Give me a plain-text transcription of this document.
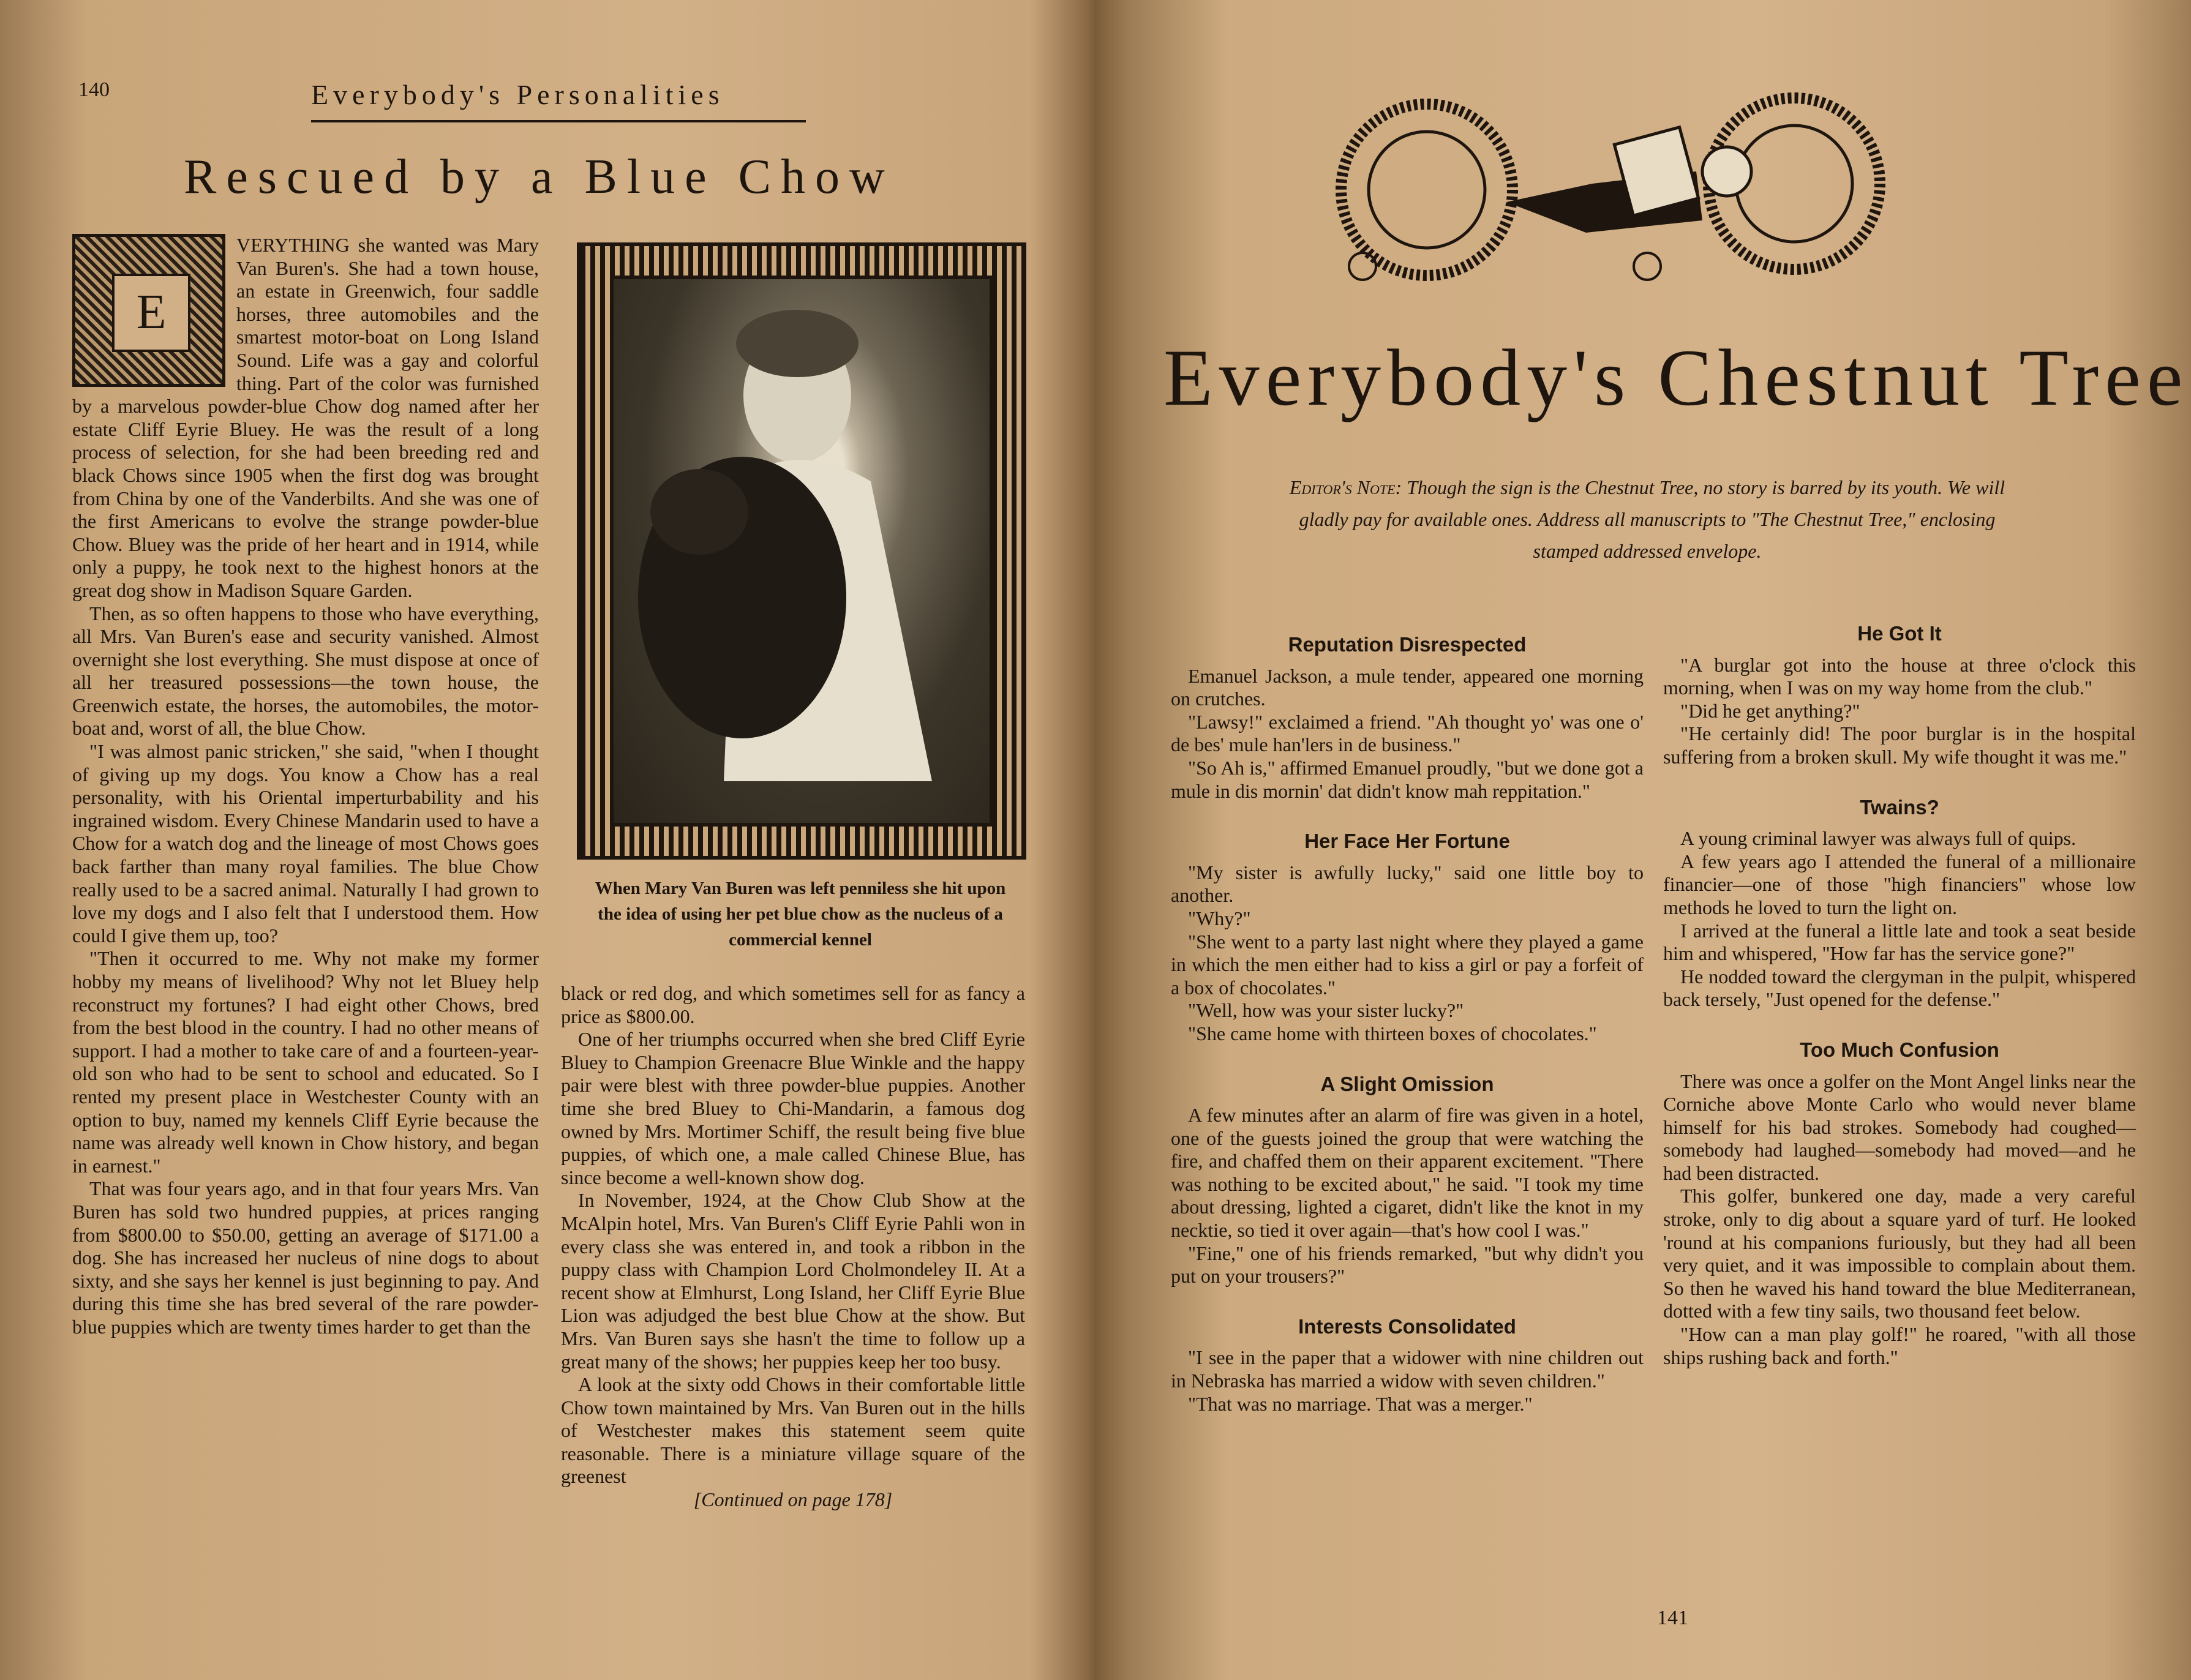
140	Everybody's Personalities
Rescued by a Blue Chow
E

VERYTHING she wanted was Mary Van Buren's. She had a town house, an estate in Greenwich, four saddle horses, three automobiles and the smartest motor-boat on Long Island Sound. Life was a gay and colorful thing. Part of the color was furnished by a marvelous powder-blue Chow dog named after her estate Cliff Eyrie Bluey. He was the result of a long process of selection, for she had been breeding red and black Chows since 1905 when the first dog was brought from China by one of the Vanderbilts. And she was one of the first Americans to evolve the strange powder-blue Chow. Bluey was the pride of her heart and in 1914, while only a puppy, he took next to the highest honors at the great dog show in Madison Square Garden.

Then, as so often happens to those who have everything, all Mrs. Van Buren's ease and security vanished. Almost overnight she lost everything. She must dispose at once of all her treasured possessions—the town house, the Greenwich estate, the horses, the automobiles, the motor-boat and, worst of all, the blue Chow.

"I was almost panic stricken," she said, "when I thought of giving up my dogs. You know a Chow has a real personality, with his Oriental imperturbability and his ingrained wisdom. Every Chinese Mandarin used to have a Chow for a watch dog and the lineage of most Chows goes back farther than many royal families. The blue Chow really used to be a sacred animal. Naturally I had grown to love my dogs and I also felt that I understood them. How could I give them up, too?

"Then it occurred to me. Why not make my former hobby my means of livelihood? Why not let Bluey help reconstruct my fortunes? I had eight other Chows, bred from the best blood in the country. I had no other means of support. I had a mother to take care of and a fourteen-year-old son who had to be sent to school and educated. So I rented my present place in Westchester County with an option to buy, named my kennels Cliff Eyrie because the name was already well known in Chow history, and began in earnest."

That was four years ago, and in that four years Mrs. Van Buren has sold two hundred puppies, at prices ranging from $800.00 to $50.00, getting an average of $171.00 a dog. She has increased her nucleus of nine dogs to about sixty, and she says her kennel is just beginning to pay. And during this time she has bred several of the rare powder-blue puppies which are twenty times harder to get than the

When Mary Van Buren was left penniless she hit upon the idea of using her pet blue chow as the nucleus of a commercial kennel

black or red dog, and which sometimes sell for as fancy a price as $800.00.

One of her triumphs occurred when she bred Cliff Eyrie Bluey to Champion Greenacre Blue Winkle and the happy pair were blest with three powder-blue puppies. Another time she bred Bluey to Chi-Mandarin, a famous dog owned by Mrs. Mortimer Schiff, the result being five blue puppies, of which one, a male called Chinese Blue, has since become a well-known show dog.

In November, 1924, at the Chow Club Show at the McAlpin hotel, Mrs. Van Buren's Cliff Eyrie Pahli won in every class she was entered in, and took a ribbon in the puppy class with Champion Lord Cholmondeley II. At a recent show at Elmhurst, Long Island, her Cliff Eyrie Blue Lion was adjudged the best blue Chow at the show. But Mrs. Van Buren says she hasn't the time to follow up a great many of the shows; her puppies keep her too busy.

A look at the sixty odd Chows in their comfortable little Chow town maintained by Mrs. Van Buren out in the hills of Westchester makes this statement seem quite reasonable. There is a miniature village square of the greenest

[Continued on page 178]
Everybody's Chestnut Tree
Editor's Note: Though the sign is the Chestnut Tree, no story is barred by its youth. We will gladly pay for available ones. Address all manuscripts to "The Chestnut Tree," enclosing stamped addressed envelope.
Reputation Disrespected

Emanuel Jackson, a mule tender, appeared one morning on crutches.

"Lawsy!" exclaimed a friend. "Ah thought yo' was one o' de bes' mule han'lers in de business."

"So Ah is," affirmed Emanuel proudly, "but we done got a mule in dis mornin' dat didn't know mah reppitation."

Her Face Her Fortune

"My sister is awfully lucky," said one little boy to another.

"Why?"

"She went to a party last night where they played a game in which the men either had to kiss a girl or pay a forfeit of a box of chocolates."

"Well, how was your sister lucky?"

"She came home with thirteen boxes of chocolates."

A Slight Omission

A few minutes after an alarm of fire was given in a hotel, one of the guests joined the group that were watching the fire, and chaffed them on their apparent excitement. "There was nothing to be excited about," he said. "I took my time about dressing, lighted a cigaret, didn't like the knot in my necktie, so tied it over again—that's how cool I was."

"Fine," one of his friends remarked, "but why didn't you put on your trousers?"

Interests Consolidated

"I see in the paper that a widower with nine children out in Nebraska has married a widow with seven children."

"That was no marriage. That was a merger."

He Got It

"A burglar got into the house at three o'clock this morning, when I was on my way home from the club."

"Did he get anything?"

"He certainly did! The poor burglar is in the hospital suffering from a broken skull. My wife thought it was me."

Twains?

A young criminal lawyer was always full of quips.

A few years ago I attended the funeral of a millionaire financier—one of those "high financiers" whose low methods he loved to turn the light on.

I arrived at the funeral a little late and took a seat beside him and whispered, "How far has the service gone?"

He nodded toward the clergyman in the pulpit, whispered back tersely, "Just opened for the defense."

Too Much Confusion

There was once a golfer on the Mont Angel links near the Corniche above Monte Carlo who would never blame himself for his bad strokes. Somebody had coughed—somebody had laughed—somebody had moved—and he had been distracted.

This golfer, bunkered one day, made a very careful stroke, only to dig about a square yard of turf. He looked 'round at his companions furiously, but they had all been very quiet, and it was impossible to complain about them. So then he waved his hand toward the blue Mediterranean, dotted with a few tiny sails, two thousand feet below.

"How can a man play golf!" he roared, "with all those ships rushing back and forth."

141
